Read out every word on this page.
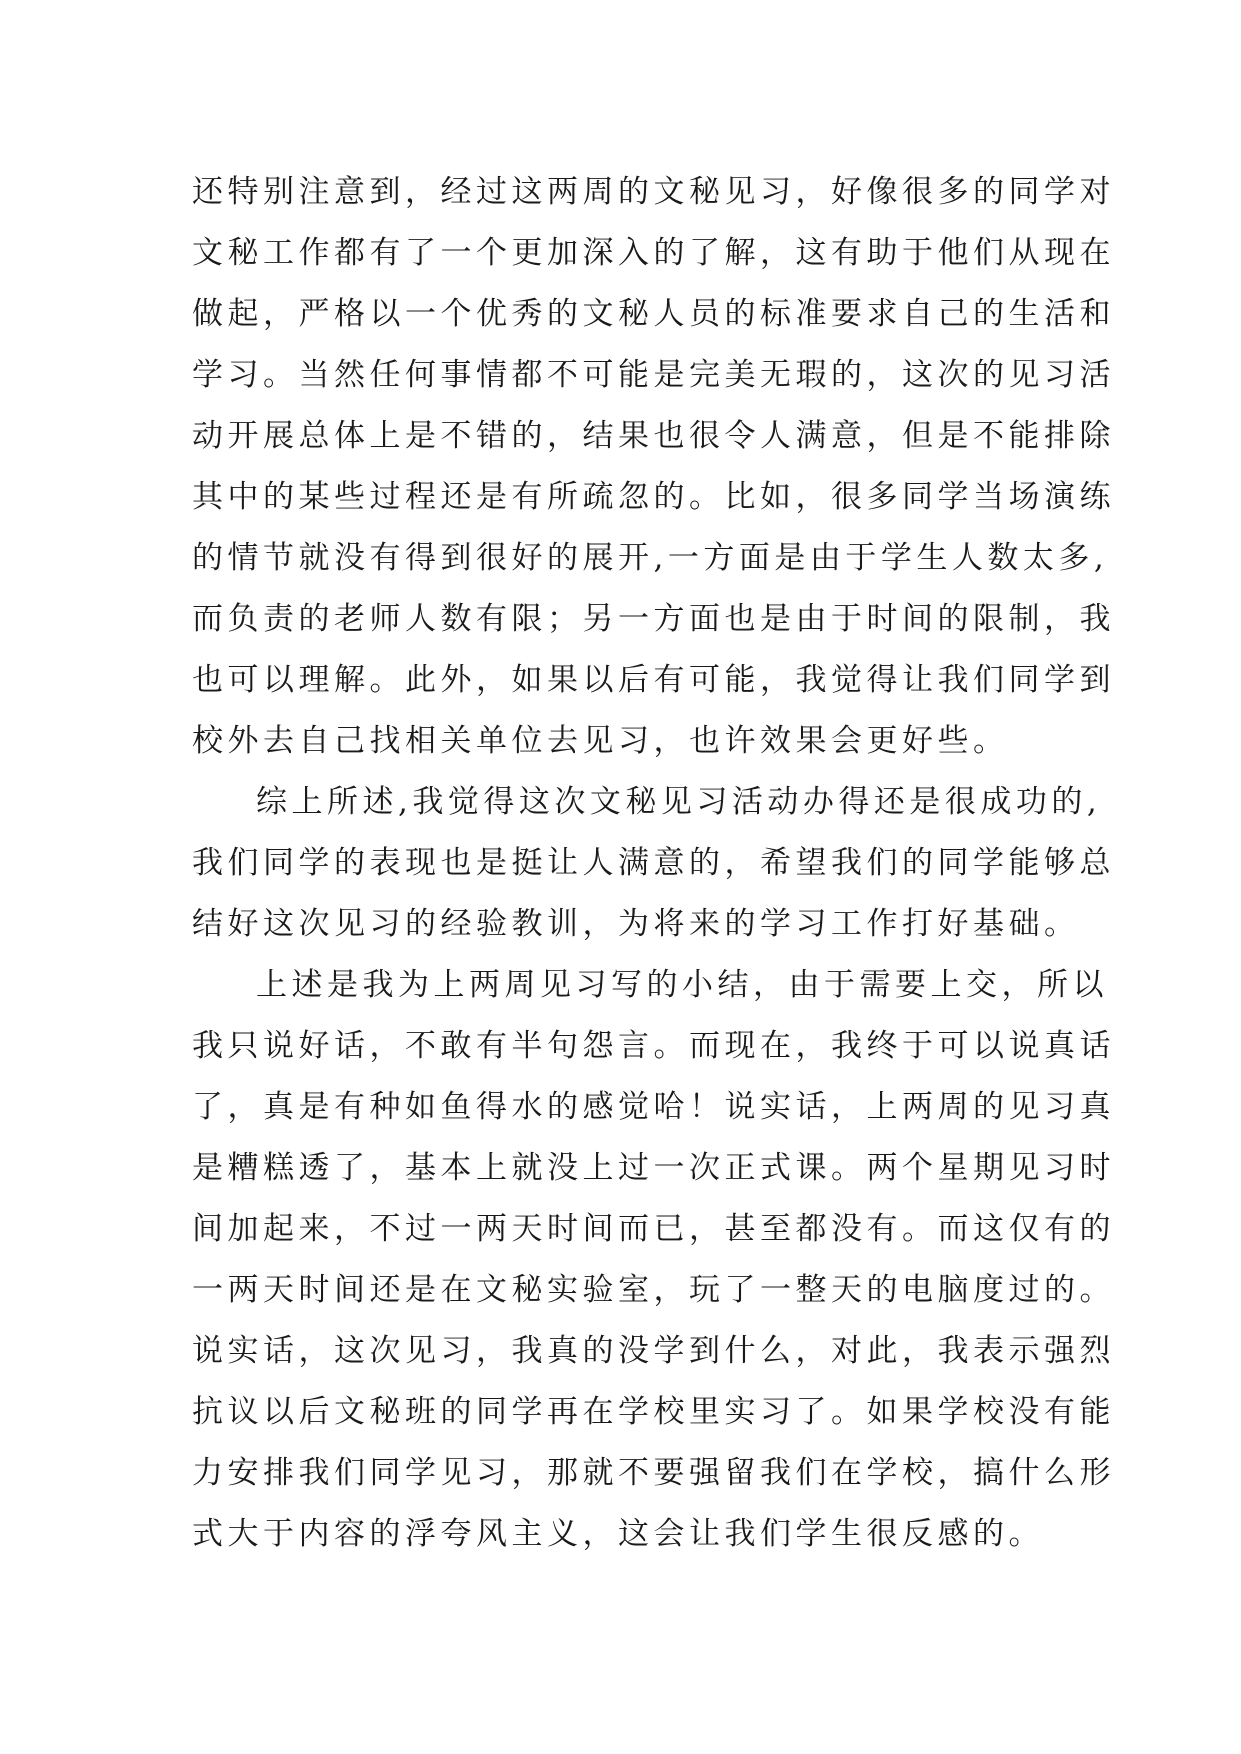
还特别注意到，经过这两周的文秘见习，好像很多的同学对
文秘工作都有了一个更加深入的了解，这有助于他们从现在
做起，严格以一个优秀的文秘人员的标准要求自己的生活和
学习。当然任何事情都不可能是完美无瑕的，这次的见习活
动开展总体上是不错的，结果也很令人满意，但是不能排除
其中的某些过程还是有所疏忽的。比如，很多同学当场演练
的情节就没有得到很好的展开,一方面是由于学生人数太多,
而负责的老师人数有限；另一方面也是由于时间的限制，我
也可以理解。此外，如果以后有可能，我觉得让我们同学到
校外去自己找相关单位去见习，也许效果会更好些。
综上所述,我觉得这次文秘见习活动办得还是很成功的,
我们同学的表现也是挺让人满意的，希望我们的同学能够总
结好这次见习的经验教训，为将来的学习工作打好基础。
上述是我为上两周见习写的小结，由于需要上交，所以
我只说好话，不敢有半句怨言。而现在，我终于可以说真话
了，真是有种如鱼得水的感觉哈！说实话，上两周的见习真
是糟糕透了，基本上就没上过一次正式课。两个星期见习时
间加起来，不过一两天时间而已，甚至都没有。而这仅有的
一两天时间还是在文秘实验室，玩了一整天的电脑度过的。
说实话，这次见习，我真的没学到什么，对此，我表示强烈
抗议以后文秘班的同学再在学校里实习了。如果学校没有能
力安排我们同学见习，那就不要强留我们在学校，搞什么形
式大于内容的浮夸风主义，这会让我们学生很反感的。
